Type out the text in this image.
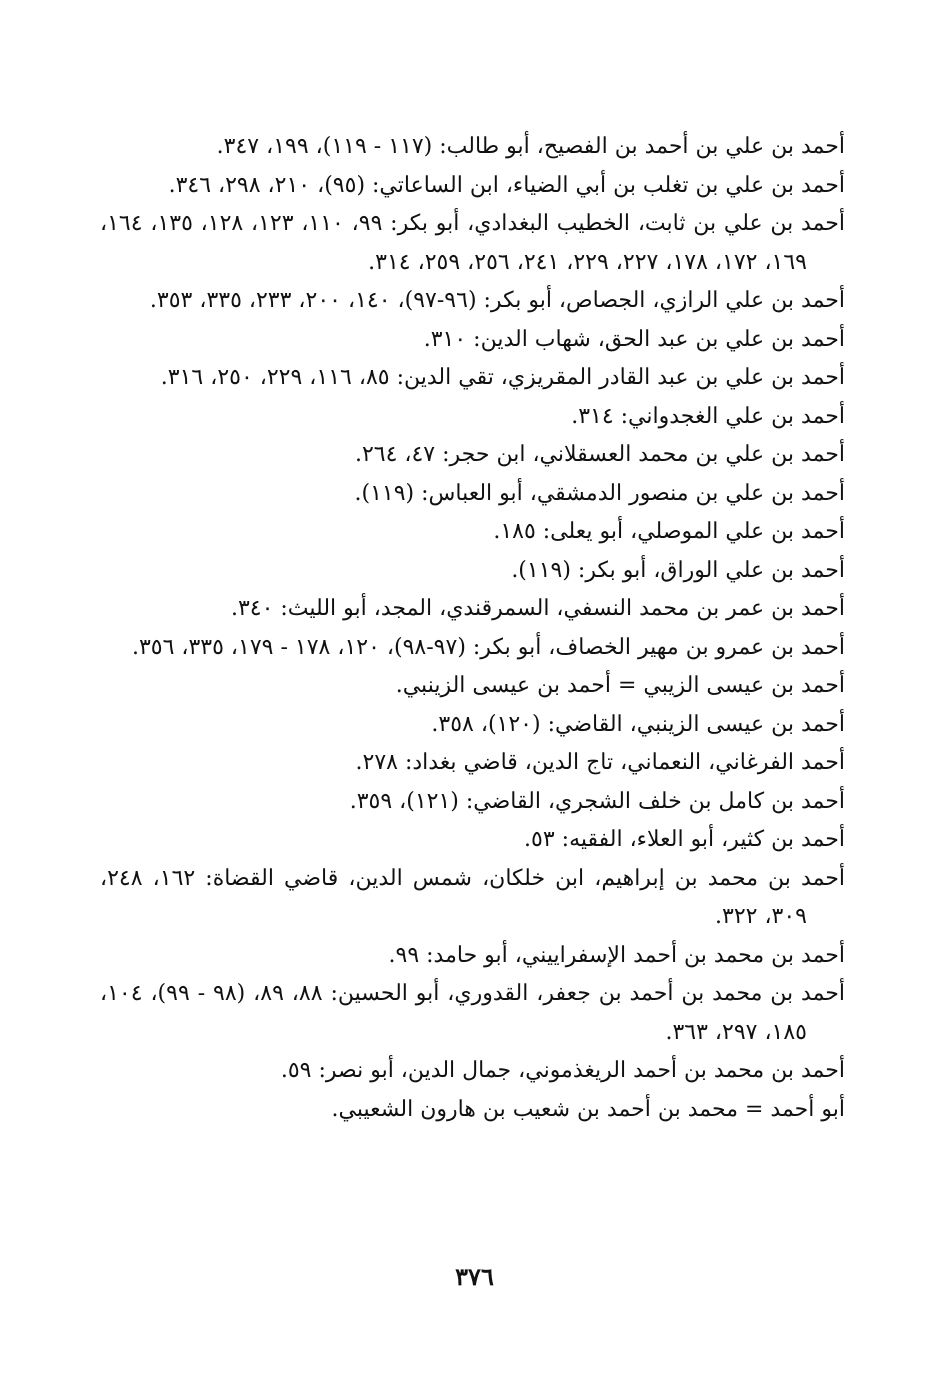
أحمد بن علي بن أحمد بن الفصيح، أبو طالب: (١١٧ - ١١٩)، ١٩٩، ٣٤٧.

أحمد بن علي بن تغلب بن أبي الضياء، ابن الساعاتي: (٩٥)، ٢١٠، ٢٩٨، ٣٤٦.

أحمد بن علي بن ثابت، الخطيب البغدادي، أبو بكر: ٩٩، ١١٠، ١٢٣، ١٢٨، ١٣٥، ١٦٤، ١٦٩، ١٧٢، ١٧٨، ٢٢٧، ٢٢٩، ٢٤١، ٢٥٦، ٢٥٩، ٣١٤.

أحمد بن علي الرازي، الجصاص، أبو بكر: (٩٦-٩٧)، ١٤٠، ٢٠٠، ٢٣٣، ٣٣٥، ٣٥٣.

أحمد بن علي بن عبد الحق، شهاب الدين: ٣١٠.

أحمد بن علي بن عبد القادر المقريزي، تقي الدين: ٨٥، ١١٦، ٢٢٩، ٢٥٠، ٣١٦.

أحمد بن علي الغجدواني: ٣١٤.

أحمد بن علي بن محمد العسقلاني، ابن حجر: ٤٧، ٢٦٤.

أحمد بن علي بن منصور الدمشقي، أبو العباس: (١١٩).

أحمد بن علي الموصلي، أبو يعلى: ١٨٥.

أحمد بن علي الوراق، أبو بكر: (١١٩).

أحمد بن عمر بن محمد النسفي، السمرقندي، المجد، أبو الليث: ٣٤٠.

أحمد بن عمرو بن مهير الخصاف، أبو بكر: (٩٧-٩٨)، ١٢٠، ١٧٨ - ١٧٩، ٣٣٥، ٣٥٦.

أحمد بن عيسى الزيبي = أحمد بن عيسى الزينبي.

أحمد بن عيسى الزينبي، القاضي: (١٢٠)، ٣٥٨.

أحمد الفرغاني، النعماني، تاج الدين، قاضي بغداد: ٢٧٨.

أحمد بن كامل بن خلف الشجري، القاضي: (١٢١)، ٣٥٩.

أحمد بن كثير، أبو العلاء، الفقيه: ٥٣.

أحمد بن محمد بن إبراهيم، ابن خلكان، شمس الدين، قاضي القضاة: ١٦٢، ٢٤٨، ٣٠٩، ٣٢٢.

أحمد بن محمد بن أحمد الإسفراييني، أبو حامد: ٩٩.

أحمد بن محمد بن أحمد بن جعفر، القدوري، أبو الحسين: ٨٨، ٨٩، (٩٨ - ٩٩)، ١٠٤، ١٨٥، ٢٩٧، ٣٦٣.

أحمد بن محمد بن أحمد الريغذموني، جمال الدين، أبو نصر: ٥٩.

أبو أحمد = محمد بن أحمد بن شعيب بن هارون الشعيبي.

٣٧٦
